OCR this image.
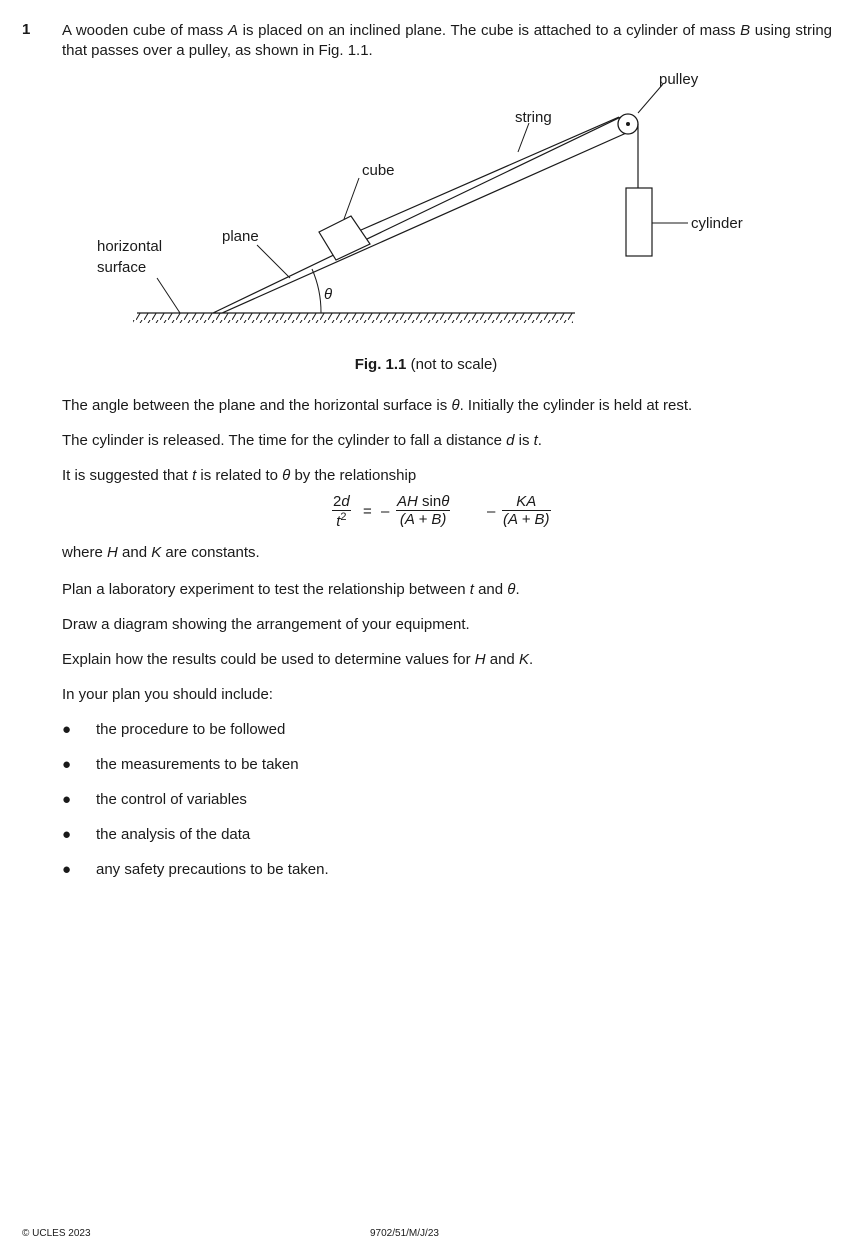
1 A wooden cube of mass A is placed on an inclined plane. The cube is attached to a cylinder of mass B using string that passes over a pulley, as shown in Fig. 1.1.
pulley
string
cube
cylinder
plane
horizontal
surface
θ
Fig. 1.1 (not to scale)
The angle between the plane and the horizontal surface is θ. Initially the cylinder is held at rest.
The cylinder is released. The time for the cylinder to fall a distance d is t.
It is suggested that t is related to θ by the relationship
$\frac{2d}{t^2}$ = – $\frac{\text{AH sinθ}}{(A + B)} - \frac{KA}{(A + B)}$
where H and K are constants.
Plan a laboratory experiment to test the relationship between t and θ.
Draw a diagram showing the arrangement of your equipment.
Explain how the results could be used to determine values for H and K.
In your plan you should include:
● the procedure to be followed
● the measurements to be taken
● the control of variables
● the analysis of the data
● any safety precautions to be taken.
© UCLES 2023	9702/51/M/J/23
